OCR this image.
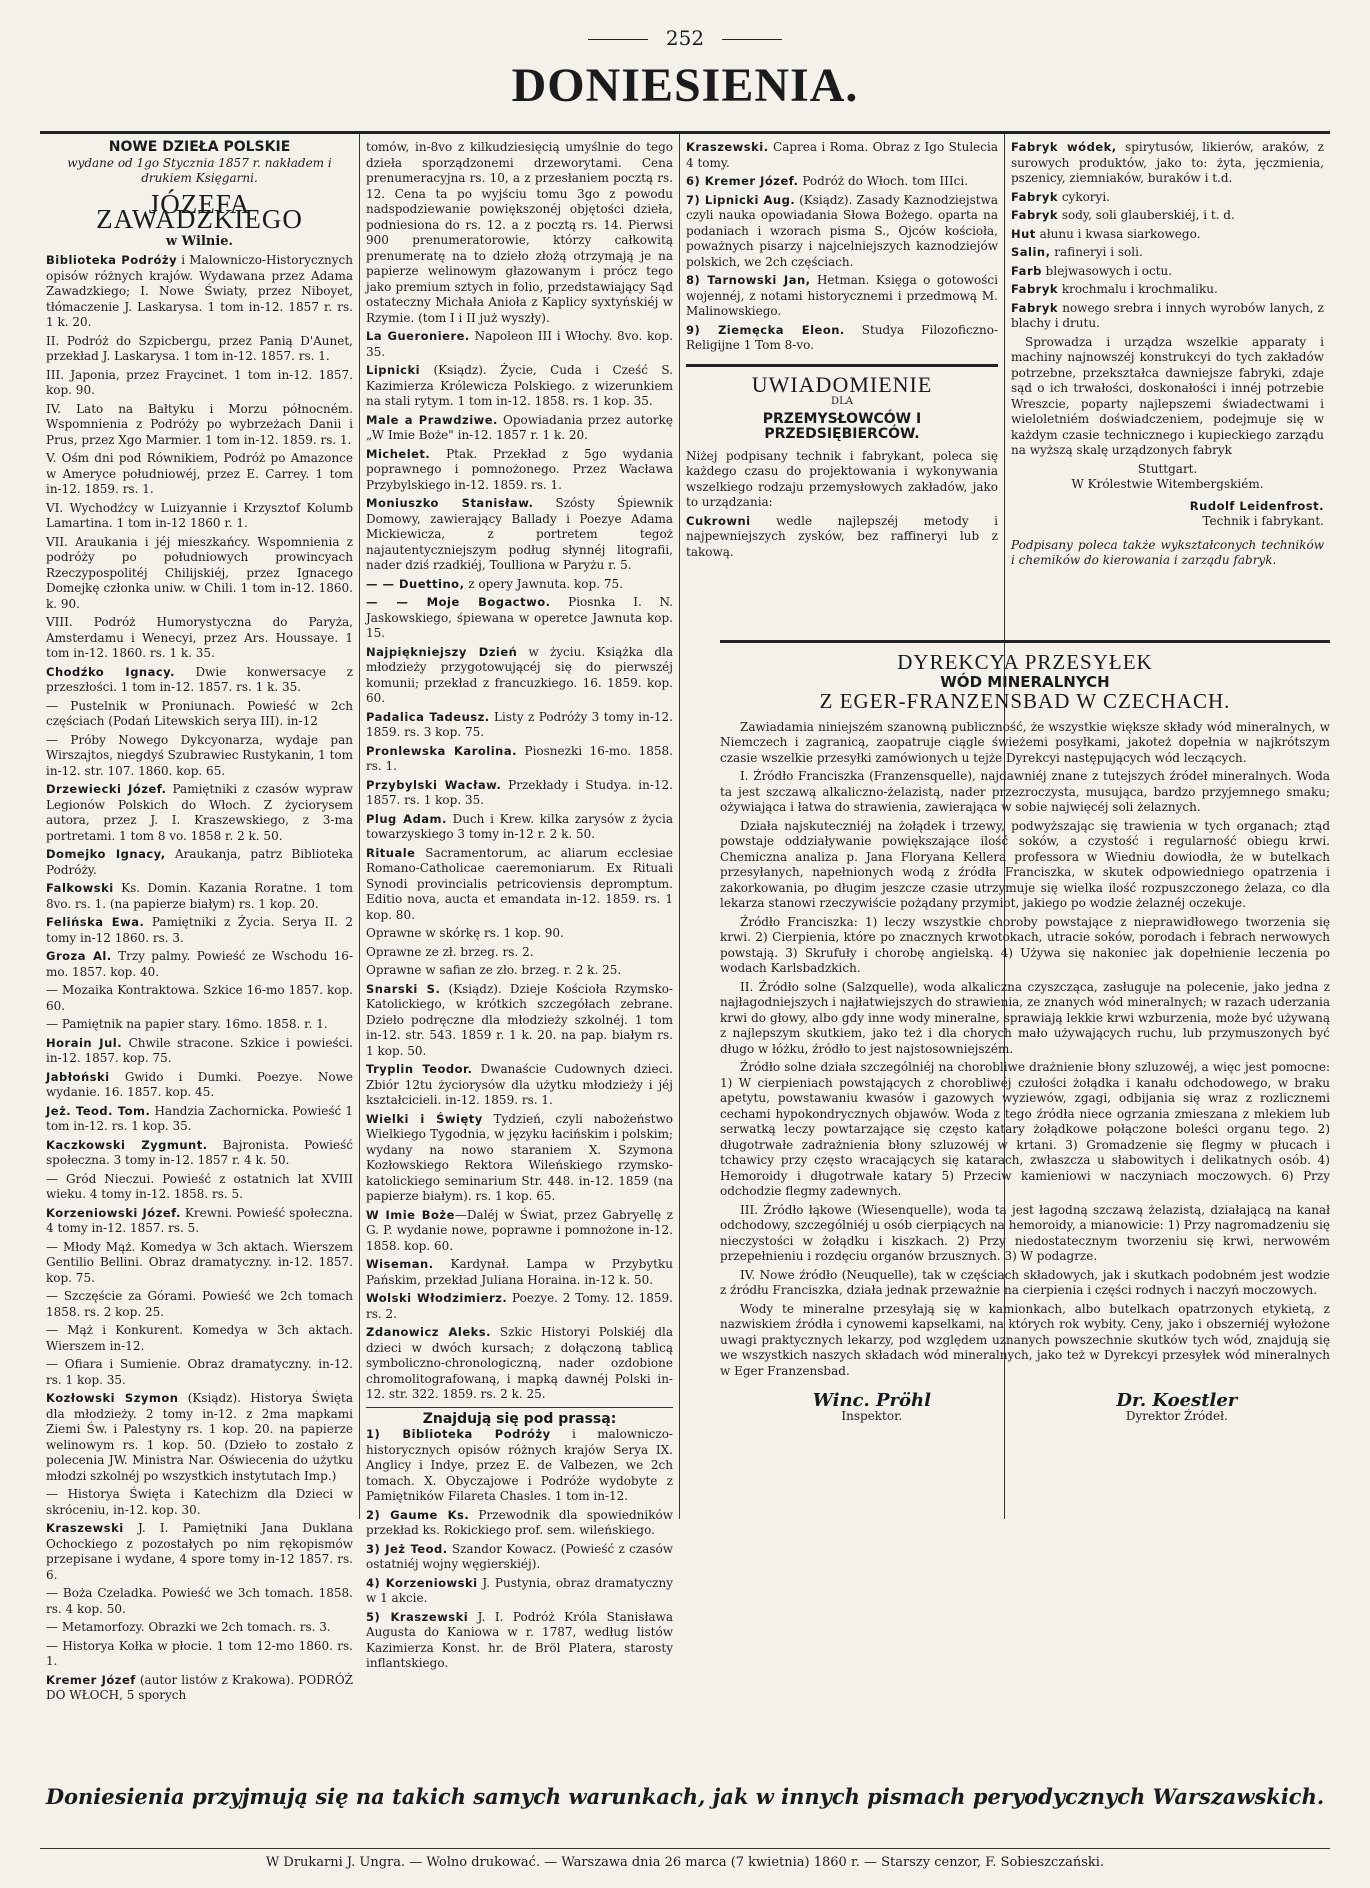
252
DONIESIENIA.
NOWE DZIEŁA POLSKIE
wydane od 1go Stycznia 1857 r. nakładem i drukiem Księgarni.
JÓZEFA ZAWADZKIEGO
w Wilnie.

Biblioteka Podróży i Malowniczo-Historycznych opisów różnych krajów. Wydawana przez Adama Zawadzkiego; I. Nowe Światy, przez Niboyet, tłómaczenie J. Laskarysa. 1 tom in-12. 1857 r. rs. 1 k. 20.

II. Podróż do Szpicbergu, przez Panią D'Aunet, przekład J. Laskarysa. 1 tom in-12. 1857. rs. 1.

III. Japonia, przez Fraycinet. 1 tom in-12. 1857. kop. 90.

IV. Lato na Bałtyku i Morzu północném. Wspomnienia z Podróży po wybrzeżach Danii i Prus, przez Xgo Marmier. 1 tom in-12. 1859. rs. 1.

V. Ośm dni pod Równikiem, Podróż po Amazonce w Ameryce południowéj, przez E. Carrey. 1 tom in-12. 1859. rs. 1.

VI. Wychodźcy w Luizyannie i Krzysztof Kolumb Lamartina. 1 tom in-12 1860 r. 1.

VII. Araukania i jéj mieszkańcy. Wspomnienia z podróży po południowych prowincyach Rzeczypospolitéj Chilijskiéj, przez Ignacego Domejkę członka uniw. w Chili. 1 tom in-12. 1860. k. 90.

VIII. Podróż Humorystyczna do Paryża, Amsterdamu i Wenecyi, przez Ars. Houssaye. 1 tom in-12. 1860. rs. 1 k. 35.

Chodźko Ignacy. Dwie konwersacye z przeszłości. 1 tom in-12. 1857. rs. 1 k. 35.

— Pustelnik w Proniunach. Powieść w 2ch częściach (Podań Litewskich serya III). in-12

— Próby Nowego Dykcyonarza, wydaje pan Wirszajtos, niegdyś Szubrawiec Rustykanin, 1 tom in-12. str. 107. 1860. kop. 65.

Drzewiecki Józef. Pamiętniki z czasów wypraw Legionów Polskich do Włoch. Z życiorysem autora, przez J. I. Kraszewskiego, z 3-ma portretami. 1 tom 8 vo. 1858 r. 2 k. 50.

Domejko Ignacy, Araukanja, patrz Biblioteka Podróży.

Falkowski Ks. Domin. Kazania Roratne. 1 tom 8vo. rs. 1. (na papierze białym) rs. 1 kop. 20.

Felińska Ewa. Pamiętniki z Życia. Serya II. 2 tomy in-12 1860. rs. 3.

Groza Al. Trzy palmy. Powieść ze Wschodu 16-mo. 1857. kop. 40.

— Mozaika Kontraktowa. Szkice 16-mo 1857. kop. 60.

— Pamiętnik na papier stary. 16mo. 1858. r. 1.

Horain Jul. Chwile stracone. Szkice i powieści. in-12. 1857. kop. 75.

Jabłoński Gwido i Dumki. Poezye. Nowe wydanie. 16. 1857. kop. 45.

Jeż. Teod. Tom. Handzia Zachornicka. Powieść 1 tom in-12. rs. 1 kop. 35.

Kaczkowski Zygmunt. Bajronista. Powieść społeczna. 3 tomy in-12. 1857 r. 4 k. 50.

— Gród Nieczui. Powieść z ostatnich lat XVIII wieku. 4 tomy in-12. 1858. rs. 5.

Korzeniowski Józef. Krewni. Powieść społeczna. 4 tomy in-12. 1857. rs. 5.

— Młody Mąż. Komedya w 3ch aktach. Wierszem Gentilio Bellini. Obraz dramatyczny. in-12. 1857. kop. 75.

— Szczęście za Górami. Powieść we 2ch tomach 1858. rs. 2 kop. 25.

— Mąż i Konkurent. Komedya w 3ch aktach. Wierszem in-12.

— Ofiara i Sumienie. Obraz dramatyczny. in-12. rs. 1 kop. 35.

Kozłowski Szymon (Ksiądz). Historya Święta dla młodzieży. 2 tomy in-12. z 2ma mapkami Ziemi Św. i Palestyny rs. 1 kop. 20. na papierze welinowym rs. 1 kop. 50. (Dzieło to zostało z polecenia JW. Ministra Nar. Oświecenia do użytku młodzi szkolnéj po wszystkich instytutach Imp.)

— Historya Święta i Katechizm dla Dzieci w skróceniu, in-12. kop. 30.

Kraszewski J. I. Pamiętniki Jana Duklana Ochockiego z pozostałych po nim rękopismów przepisane i wydane, 4 spore tomy in-12 1857. rs. 6.

— Boża Czeladka. Powieść we 3ch tomach. 1858. rs. 4 kop. 50.

— Metamorfozy. Obrazki we 2ch tomach. rs. 3.

— Historya Kołka w płocie. 1 tom 12-mo 1860. rs. 1.

Kremer Józef (autor listów z Krakowa). PODRÓŻ DO WŁOCH, 5 sporych

tomów, in-8vo z kilkudziesięcią umyślnie do tego dzieła sporządzonemi drzeworytami. Cena prenumeracyjna rs. 10, a z przesłaniem pocztą rs. 12. Cena ta po wyjściu tomu 3go z powodu nadspodziewanie powiększonéj objętości dzieła, podniesiona do rs. 12. a z pocztą rs. 14. Pierwsi 900 prenumeratorowie, którzy całkowitą prenumeratę na to dzieło złożą otrzymają je na papierze welinowym głazowanym i prócz tego jako premium sztych in folio, przedstawiający Sąd ostateczny Michała Anioła z Kaplicy syxtyńskiéj w Rzymie. (tom I i II już wyszły).

La Gueroniere. Napoleon III i Włochy. 8vo. kop. 35.

Lipnicki (Ksiądz). Życie, Cuda i Cześć S. Kazimierza Królewicza Polskiego. z wizerunkiem na stali rytym. 1 tom in-12. 1858. rs. 1 kop. 35.

Male a Prawdziwe. Opowiadania przez autorkę „W Imie Boże" in-12. 1857 r. 1 k. 20.

Michelet. Ptak. Przekład z 5go wydania poprawnego i pomnożonego. Przez Wacława Przybylskiego in-12. 1859. rs. 1.

Moniuszko Stanisław. Szósty Śpiewnik Domowy, zawierający Ballady i Poezye Adama Mickiewicza, z portretem tegoż najautentyczniejszym podług słynnéj litografii, nader dziś rzadkiéj, Toulliona w Paryżu r. 5.

— — Duettino, z opery Jawnuta. kop. 75.

— — Moje Bogactwo. Piosnka I. N. Jaskowskiego, śpiewana w operetce Jawnuta kop. 15.

Najpiękniejszy Dzień w życiu. Książka dla młodzieży przygotowującéj się do pierwszéj komunii; przekład z francuzkiego. 16. 1859. kop. 60.

Padalica Tadeusz. Listy z Podróży 3 tomy in-12. 1859. rs. 3 kop. 75.

Pronlewska Karolina. Piosnezki 16-mo. 1858. rs. 1.

Przybylski Wacław. Przekłady i Studya. in-12. 1857. rs. 1 kop. 35.

Plug Adam. Duch i Krew. kilka zarysów z życia towarzyskiego 3 tomy in-12 r. 2 k. 50.

Rituale Sacramentorum, ac aliarum ecclesiae Romano-Catholicae caeremoniarum. Ex Rituali Synodi provincialis petricoviensis depromptum. Editio nova, aucta et emandata in-12. 1859. rs. 1 kop. 80.

Oprawne w skórkę rs. 1 kop. 90.

Oprawne ze zł. brzeg. rs. 2.

Oprawne w safian ze zło. brzeg. r. 2 k. 25.

Snarski S. (Ksiądz). Dzieje Kościoła Rzymsko-Katolickiego, w krótkich szczegółach zebrane. Dzieło podręczne dla młodzieży szkolnéj. 1 tom in-12. str. 543. 1859 r. 1 k. 20. na pap. białym rs. 1 kop. 50.

Tryplin Teodor. Dwanaście Cudownych dzieci. Zbiór 12tu życiorysów dla użytku młodzieży i jéj kształcicieli. in-12. 1859. rs. 1.

Wielki i Święty Tydzień, czyli nabożeństwo Wielkiego Tygodnia, w języku łacińskim i polskim; wydany na nowo staraniem X. Szymona Kozłowskiego Rektora Wileńskiego rzymsko-katolickiego seminarium Str. 448. in-12. 1859 (na papierze białym). rs. 1 kop. 65.

W Imie Boże—Daléj w Świat, przez Gabryellę z G. P. wydanie nowe, poprawne i pomnożone in-12. 1858. kop. 60.

Wiseman. Kardynał. Lampa w Przybytku Pańskim, przekład Juliana Horaina. in-12 k. 50.

Wolski Włodzimierz. Poezye. 2 Tomy. 12. 1859. rs. 2.

Zdanowicz Aleks. Szkic Historyi Polskiéj dla dzieci w dwóch kursach; z dołączoną tablicą symboliczno-chronologiczną, nader ozdobione chromolitografowaną, i mapką dawnéj Polski in-12. str. 322. 1859. rs. 2 k. 25.

Znajdują się pod prassą:

1) Biblioteka Podróży i malowniczo-historycznych opisów różnych krajów Serya IX. Anglicy i Indye, przez E. de Valbezen, we 2ch tomach. X. Obyczajowe i Podróże wydobyte z Pamiętników Filareta Chasles. 1 tom in-12.

2) Gaume Ks. Przewodnik dla spowiedników przekład ks. Rokickiego prof. sem. wileńskiego.

3) Jeż Teod. Szandor Kowacz. (Powieść z czasów ostatniéj wojny węgierskiéj).

4) Korzeniowski J. Pustynia, obraz dramatyczny w 1 akcie.

5) Kraszewski J. I. Podróż Króla Stanisława Augusta do Kaniowa w r. 1787, według listów Kazimierza Konst. hr. de Bröl Platera, starosty inflantskiego.

Kraszewski. Caprea i Roma. Obraz z Igo Stulecia 4 tomy.

6) Kremer Józef. Podróż do Włoch. tom IIIci.

7) Lipnicki Aug. (Ksiądz). Zasady Kaznodziejstwa czyli nauka opowiadania Słowa Bożego. oparta na podaniach i wzorach pisma S., Ojców kościoła, poważnych pisarzy i najcelniejszych kaznodziejów polskich, we 2ch częściach.

8) Tarnowski Jan, Hetman. Księga o gotowości wojennéj, z notami historycznemi i przedmową M. Malinowskiego.

9) Ziemęcka Eleon. Studya Filozoficzno-Religijne 1 Tom 8-vo.

UWIADOMIENIE
DLA
PRZEMYSŁOWCÓW I PRZEDSIĘBIERCÓW.

Niżej podpisany technik i fabrykant, poleca się każdego czasu do projektowania i wykonywania wszelkiego rodzaju przemysłowych zakładów, jako to urządzania:

Cukrowni wedle najlepszéj metody i najpewniejszych zysków, bez raffineryi lub z takową.

Fabryk wódek, spirytusów, likierów, araków, z surowych produktów, jako to: żyta, jęczmienia, pszenicy, ziemniaków, buraków i t.d.

Fabryk cykoryi.

Fabryk sody, soli glauberskiéj, i t. d.

Hut ałunu i kwasa siarkowego.

Salin, rafineryi i soli.

Farb blejwasowych i octu.

Fabryk krochmalu i krochmaliku.

Fabryk nowego srebra i innych wyrobów lanych, z blachy i drutu.

Sprowadza i urządza wszelkie apparaty i machiny najnowszéj konstrukcyi do tych zakładów potrzebne, przekształca dawniejsze fabryki, zdaje sąd o ich trwałości, doskonałości i innéj potrzebie Wreszcie, poparty najlepszemi świadectwami i wieloletniém doświadczeniem, podejmuje się w każdym czasie technicznego i kupieckiego zarządu na wyższą skalę urządzonych fabryk

Stuttgart.
W Królestwie Witembergskiém.
Rudolf Leidenfrost.
Technik i fabrykant.

Podpisany poleca także wykształconych techników i chemików do kierowania i zarządu fabryk.

DYREKCYA PRZESYŁEK
WÓD MINERALNYCH
Z EGER-FRANZENSBAD W CZECHACH.

Zawiadamia niniejszém szanowną publiczność, że wszystkie większe składy wód mineralnych, w Niemczech i zagranicą, zaopatruje ciągle świeżemi posyłkami, jakoteż dopełnia w najkrótszym czasie wszelkie przesyłki zamówionych u tejże Dyrekcyi następujących wód leczących.

I. Źródło Franciszka (Franzensquelle), najdawniéj znane z tutejszych źródeł mineralnych. Woda ta jest szczawą alkaliczno-żelazistą, nader przezroczysta, musująca, bardzo przyjemnego smaku; ożywiająca i łatwa do strawienia, zawierająca w sobie najwięcéj soli żelaznych.

Działa najskuteczniéj na żołądek i trzewy, podwyższając się trawienia w tych organach; ztąd powstaje oddziaływanie powiększające ilość soków, a czystość i regularność obiegu krwi. Chemiczna analiza p. Jana Floryana Kellera professora w Wiedniu dowiodła, że w butelkach przesyłanych, napełnionych wodą z źródła Franciszka, w skutek odpowiedniego opatrzenia i zakorkowania, po długim jeszcze czasie utrzymuje się wielka ilość rozpuszczonego żelaza, co dla lekarza stanowi rzeczywiście pożądany przymiot, jakiego po wodzie żelaznéj oczekuje.

Źródło Franciszka: 1) leczy wszystkie choroby powstające z nieprawidłowego tworzenia się krwi. 2) Cierpienia, które po znacznych krwotokach, utracie soków, porodach i febrach nerwowych powstają. 3) Skrufuły i chorobę angielską. 4) Używa się nakoniec jak dopełnienie leczenia po wodach Karlsbadzkich.

II. Źródło solne (Salzquelle), woda alkaliczna czyszcząca, zasługuje na polecenie, jako jedna z najłagodniejszych i najłatwiejszych do strawienia, ze znanych wód mineralnych; w razach uderzania krwi do głowy, albo gdy inne wody mineralne, sprawiają lekkie krwi wzburzenia, może być używaną z najlepszym skutkiem, jako też i dla chorych mało używających ruchu, lub przymuszonych być długo w łóżku, źródło to jest najstosowniejszém.

Źródło solne działa szczególniéj na chorobliwe drażnienie błony szluzowéj, a więc jest pomocne: 1) W cierpieniach powstających z chorobliwéj czułości żołądka i kanału odchodowego, w braku apetytu, powstawaniu kwasów i gazowych wyziewów, zgagi, odbijania się wraz z rozlicznemi cechami hypokondrycznych objawów. Woda z tego źródła niece ogrzania zmieszana z mlekiem lub serwatką leczy powtarzające się często katary żołądkowe połączone boleści organu tego. 2) długotrwałe zadrażnienia błony szluzowéj w krtani. 3) Gromadzenie się flegmy w płucach i tchawicy przy często wracających się katarach, zwłaszcza u słabowitych i delikatnych osób. 4) Hemoroidy i długotrwałe katary 5) Przeciw kamieniowi w naczyniach moczowych. 6) Przy odchodzie flegmy zadewnych.

III. Źródło łąkowe (Wiesenquelle), woda ta jest łagodną szczawą żelazistą, działającą na kanał odchodowy, szczególniéj u osób cierpiących na hemoroidy, a mianowicie: 1) Przy nagromadzeniu się nieczystości w żołądku i kiszkach. 2) Przy niedostatecznym tworzeniu się krwi, nerwowém przepełnieniu i rozdęciu organów brzusznych. 3) W podagrze.

IV. Nowe źródło (Neuquelle), tak w częściach składowych, jak i skutkach podobném jest wodzie z źródłu Franciszka, działa jednak przeważnie na cierpienia i części rodnych i naczyń moczowych.

Wody te mineralne przesyłają się w kamionkach, albo butelkach opatrzonych etykietą, z nazwiskiem źródła i cynowemi kapselkami, na których rok wybity. Ceny, jako i obszerniéj wyłożone uwagi praktycznych lekarzy, pod względem uznanych powszechnie skutków tych wód, znajdują się we wszystkich naszych składach wód mineralnych, jako też w Dyrekcyi przesyłek wód mineralnych w Eger Franzensbad.

Winc. Pröhl
Inspektor.
Dr. Koestler
Dyrektor Źródeł.
Doniesienia przyjmują się na takich samych warunkach, jak w innych pismach peryodycznych Warszawskich.
W Drukarni J. Ungra. — Wolno drukować. — Warszawa dnia 26 marca (7 kwietnia) 1860 r. — Starszy cenzor, F. Sobieszczański.
